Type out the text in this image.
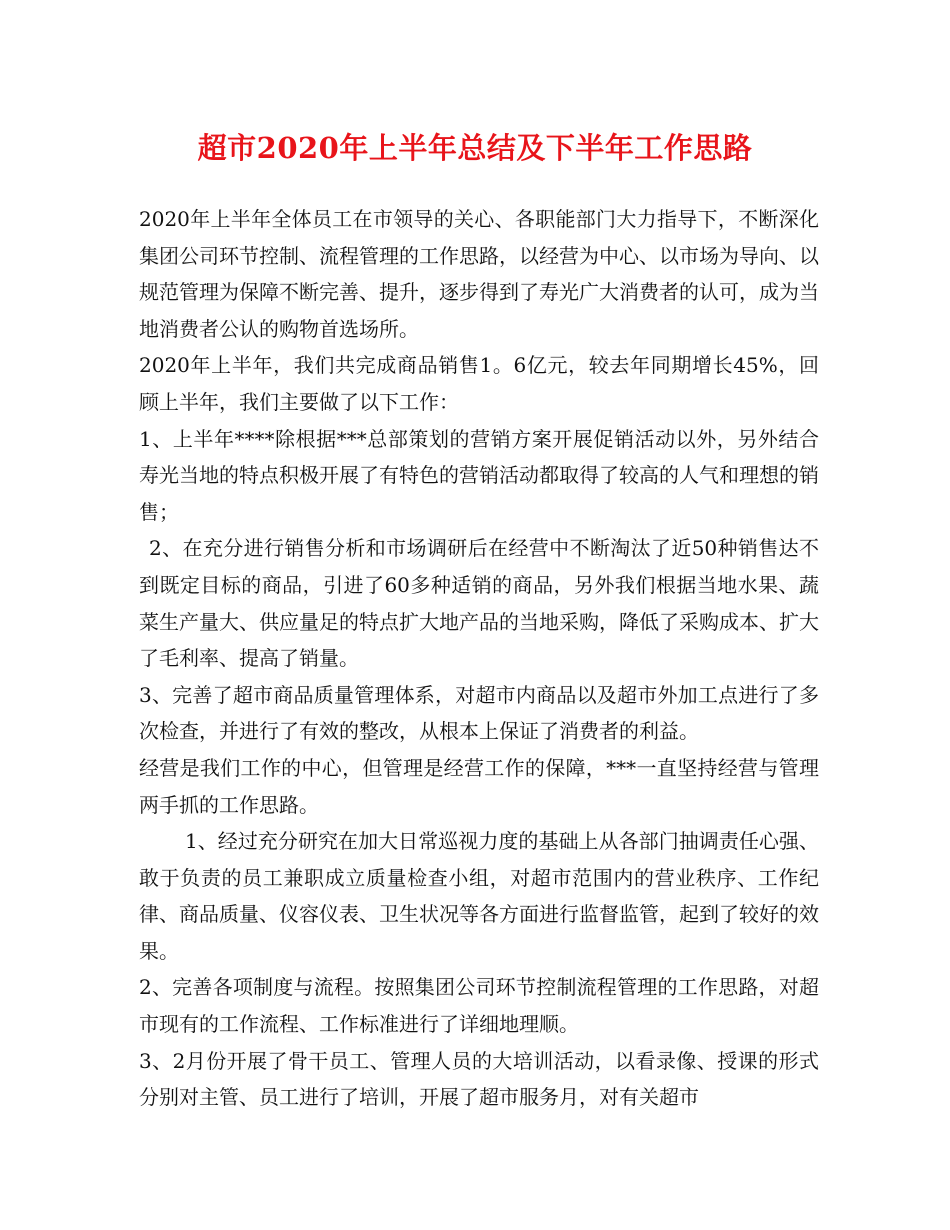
超市2020年上半年总结及下半年工作思路

2020年上半年全体员工在市领导的关心、各职能部门大力指导下，不断深化集团公司环节控制、流程管理的工作思路，以经营为中心、以市场为导向、以规范管理为保障不断完善、提升，逐步得到了寿光广大消费者的认可，成为当地消费者公认的购物首选场所。

2020年上半年，我们共完成商品销售1。6亿元，较去年同期增长45%，回顾上半年，我们主要做了以下工作：

1、上半年****除根据***总部策划的营销方案开展促销活动以外，另外结合寿光当地的特点积极开展了有特色的营销活动都取得了较高的人气和理想的销售；

2、在充分进行销售分析和市场调研后在经营中不断淘汰了近50种销售达不到既定目标的商品，引进了60多种适销的商品，另外我们根据当地水果、蔬菜生产量大、供应量足的特点扩大地产品的当地采购，降低了采购成本、扩大了毛利率、提高了销量。

3、完善了超市商品质量管理体系，对超市内商品以及超市外加工点进行了多次检查，并进行了有效的整改，从根本上保证了消费者的利益。

经营是我们工作的中心，但管理是经营工作的保障，***一直坚持经营与管理两手抓的工作思路。

1、经过充分研究在加大日常巡视力度的基础上从各部门抽调责任心强、敢于负责的员工兼职成立质量检查小组，对超市范围内的营业秩序、工作纪律、商品质量、仪容仪表、卫生状况等各方面进行监督监管，起到了较好的效果。

2、完善各项制度与流程。按照集团公司环节控制流程管理的工作思路，对超市现有的工作流程、工作标准进行了详细地理顺。

3、2月份开展了骨干员工、管理人员的大培训活动，以看录像、授课的形式分别对主管、员工进行了培训，开展了超市服务月，对有关超市
